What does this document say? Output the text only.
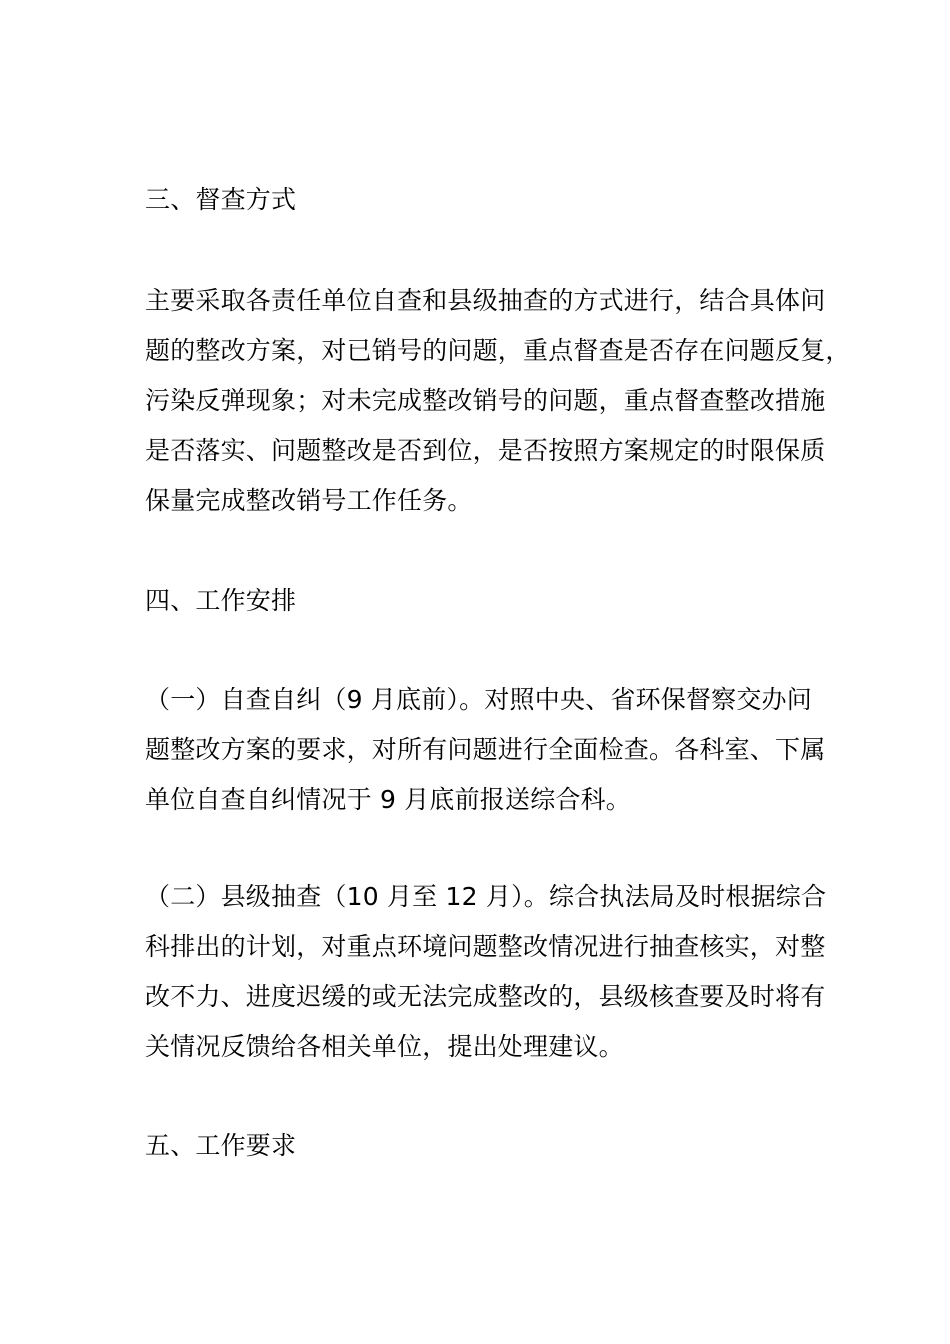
三、督查方式
主要采取各责任单位自查和县级抽查的方式进行，结合具体问
题的整改方案，对已销号的问题，重点督查是否存在问题反复，
污染反弹现象；对未完成整改销号的问题，重点督查整改措施
是否落实、问题整改是否到位，是否按照方案规定的时限保质
保量完成整改销号工作任务。
四、工作安排
（一）自查自纠（9 月底前）。对照中央、省环保督察交办问
题整改方案的要求，对所有问题进行全面检查。各科室、下属
单位自查自纠情况于 9 月底前报送综合科。
（二）县级抽查（10 月至 12 月）。综合执法局及时根据综合
科排出的计划，对重点环境问题整改情况进行抽查核实，对整
改不力、进度迟缓的或无法完成整改的，县级核查要及时将有
关情况反馈给各相关单位，提出处理建议。
五、工作要求
